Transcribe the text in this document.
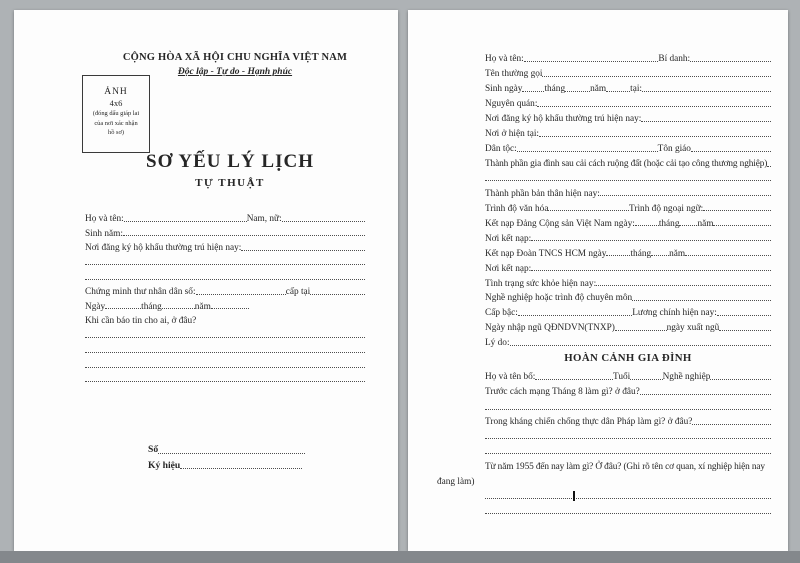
CỘNG HÒA XÃ HỘI CHU NGHĨA VIỆT NAM
Độc lập - Tự do - Hạnh phúc
ẢNH
4x6
(đóng dấu giáp lai
của nơi xác nhận
hồ sơ)
SƠ YẾU LÝ LỊCH
TỰ THUẬT
Họ và tên:	Nam, nữ:
Sinh năm:
Nơi đăng ký hộ khẩu thường trú hiện nay:
Chứng minh thư nhân dân số:	cấp tại
Ngày	tháng	năm
Khi cần báo tin cho ai, ở đâu?
Số
Ký hiệu
Họ và tên:	Bí danh:
Tên thường gọi
Sinh ngày tháng	năm	tại:
Nguyên quán:
Nơi đăng ký hộ khẩu thường trú hiện nay:
Nơi ở hiện tại:
Dân tộc:	Tôn giáo
Thành phần gia đình sau cải cách ruộng đất (hoặc cải tạo công thương nghiệp)
Thành phần bản thân hiện nay:
Trình độ văn hóa	Trình độ ngoại ngữ:
Kết nạp Đảng Cộng sản Việt Nam ngày:	tháng năm
Nơi kết nạp:
Kết nạp Đoàn TNCS HCM ngày	tháng năm
Nơi kết nạp:
Tình trạng sức khỏe hiện nay:
Nghề nghiệp hoặc trình độ chuyên môn
Cấp bậc:	Lương chính hiện nay:
Ngày nhập ngũ QĐNDVN(TNXP)	ngày xuất ngũ
Lý do:
HOÀN CẢNH GIA ĐÌNH
Họ và tên bố:	Tuổi	Nghề nghiệp
Trước cách mạng Tháng 8 làm gì? ở đâu?
Trong kháng chiến chống thực dân Pháp làm gì? ở đâu?
Từ năm 1955 đến nay làm gì? Ở đâu? (Ghi rõ tên cơ quan, xí nghiệp hiện nay
đang làm)
